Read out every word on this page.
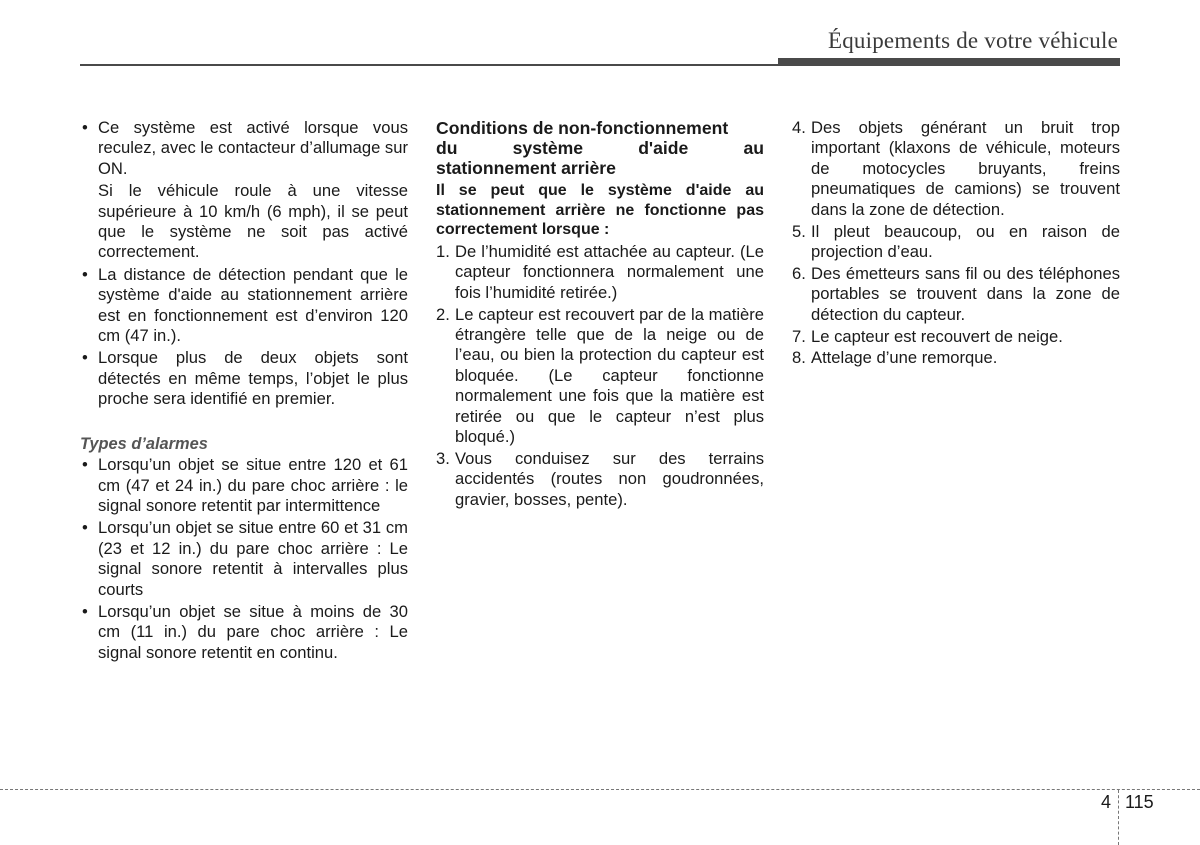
Équipements de votre véhicule

• Ce système est activé lorsque vous reculez, avec le contacteur d’allumage sur ON.

Si le véhicule roule à une vitesse supérieure à 10 km/h (6 mph), il se peut que le système ne soit pas activé correctement.

• La distance de détection pendant que le système d'aide au stationnement arrière est en fonctionnement est d’environ 120 cm (47 in.).

• Lorsque plus de deux objets sont détectés en même temps, l’objet le plus proche sera identifié en premier.

Types d’alarmes

• Lorsqu’un objet se situe entre 120 et 61 cm (47 et 24 in.) du pare choc arrière : le signal sonore retentit par intermittence

• Lorsqu’un objet se situe entre 60 et 31 cm (23 et 12 in.) du pare choc arrière : Le signal sonore retentit à intervalles plus courts

• Lorsqu’un objet se situe à moins de 30 cm (11 in.) du pare choc arrière : Le signal sonore retentit en continu.

Conditions de non-fonctionnement
du	système	d'aide	au
stationnement arrière
Il se peut que le système d'aide au stationnement arrière ne fonctionne pas correctement lorsque :
1. De l’humidité est attachée au capteur. (Le capteur fonctionnera normalement une fois l’humidité retirée.)
2. Le capteur est recouvert par de la matière étrangère telle que de la neige ou de l’eau, ou bien la protection du capteur est bloquée. (Le capteur fonctionne normalement une fois que la matière est retirée ou que le capteur n’est plus bloqué.)
3. Vous conduisez sur des terrains accidentés (routes non goudronnées, gravier, bosses, pente).
4. Des objets générant un bruit trop important (klaxons de véhicule, moteurs de motocycles bruyants, freins pneumatiques de camions) se trouvent dans la zone de détection.
5. Il pleut beaucoup, ou en raison de projection d’eau.
6. Des émetteurs sans fil ou des téléphones portables se trouvent dans la zone de détection du capteur.
7. Le capteur est recouvert de neige.
8. Attelage d’une remorque.
4 115
